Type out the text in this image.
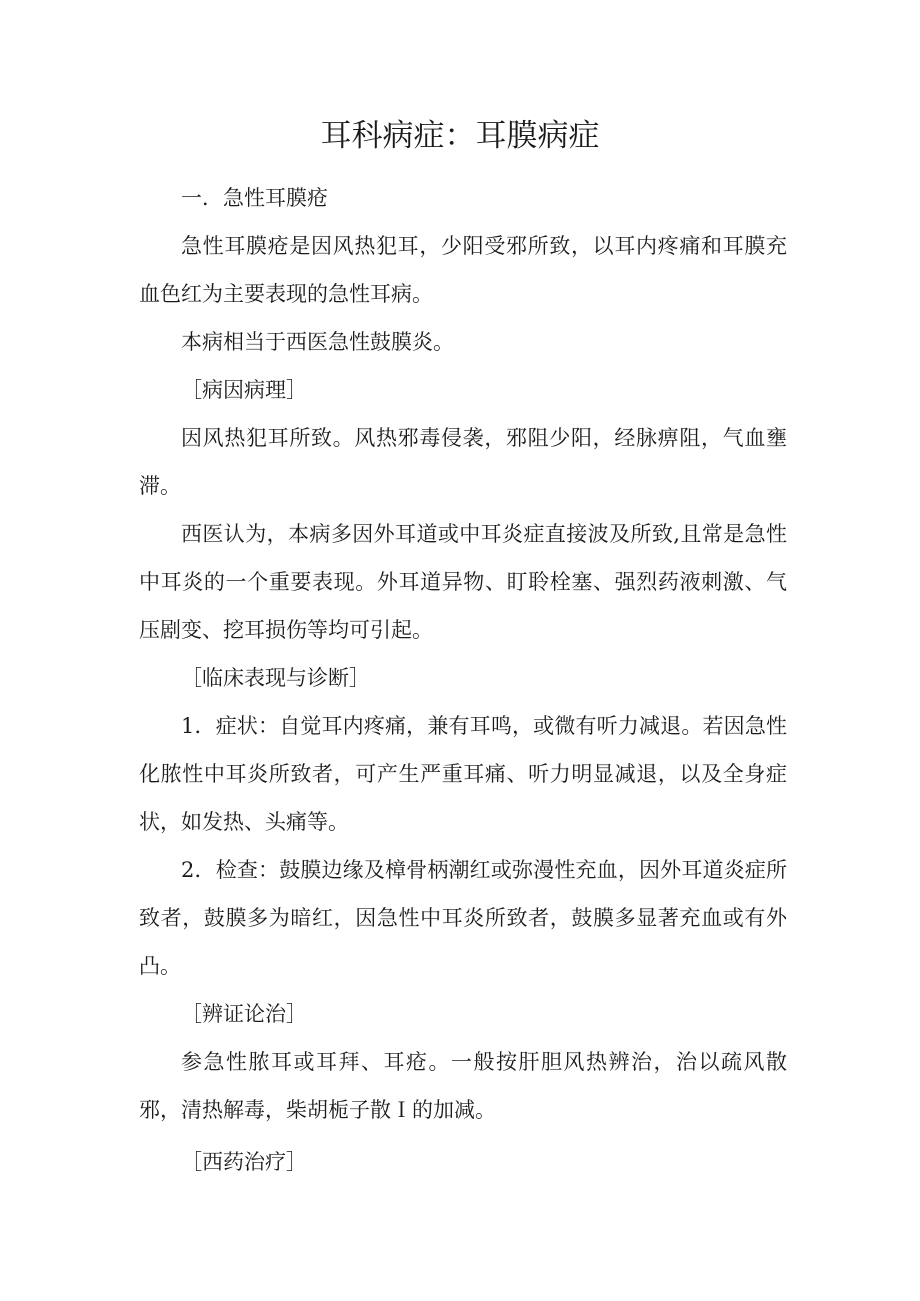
耳科病症：耳膜病症

一．急性耳膜疮

急性耳膜疮是因风热犯耳，少阳受邪所致，以耳内疼痛和耳膜充血色红为主要表现的急性耳病。

本病相当于西医急性鼓膜炎。

［病因病理］

因风热犯耳所致。风热邪毒侵袭，邪阻少阳，经脉痹阻，气血壅滞。

西医认为，本病多因外耳道或中耳炎症直接波及所致,且常是急性中耳炎的一个重要表现。外耳道异物、盯聆栓塞、强烈药液刺激、气压剧变、挖耳损伤等均可引起。

［临床表现与诊断］

1．症状：自觉耳内疼痛，兼有耳鸣，或微有听力减退。若因急性化脓性中耳炎所致者，可产生严重耳痛、听力明显减退，以及全身症状，如发热、头痛等。

2．检查：鼓膜边缘及樟骨柄潮红或弥漫性充血，因外耳道炎症所致者，鼓膜多为暗红，因急性中耳炎所致者，鼓膜多显著充血或有外凸。

［辨证论治］

参急性脓耳或耳拜、耳疮。一般按肝胆风热辨治，治以疏风散邪，清热解毒，柴胡栀子散Ｉ的加减。

［西药治疗］
